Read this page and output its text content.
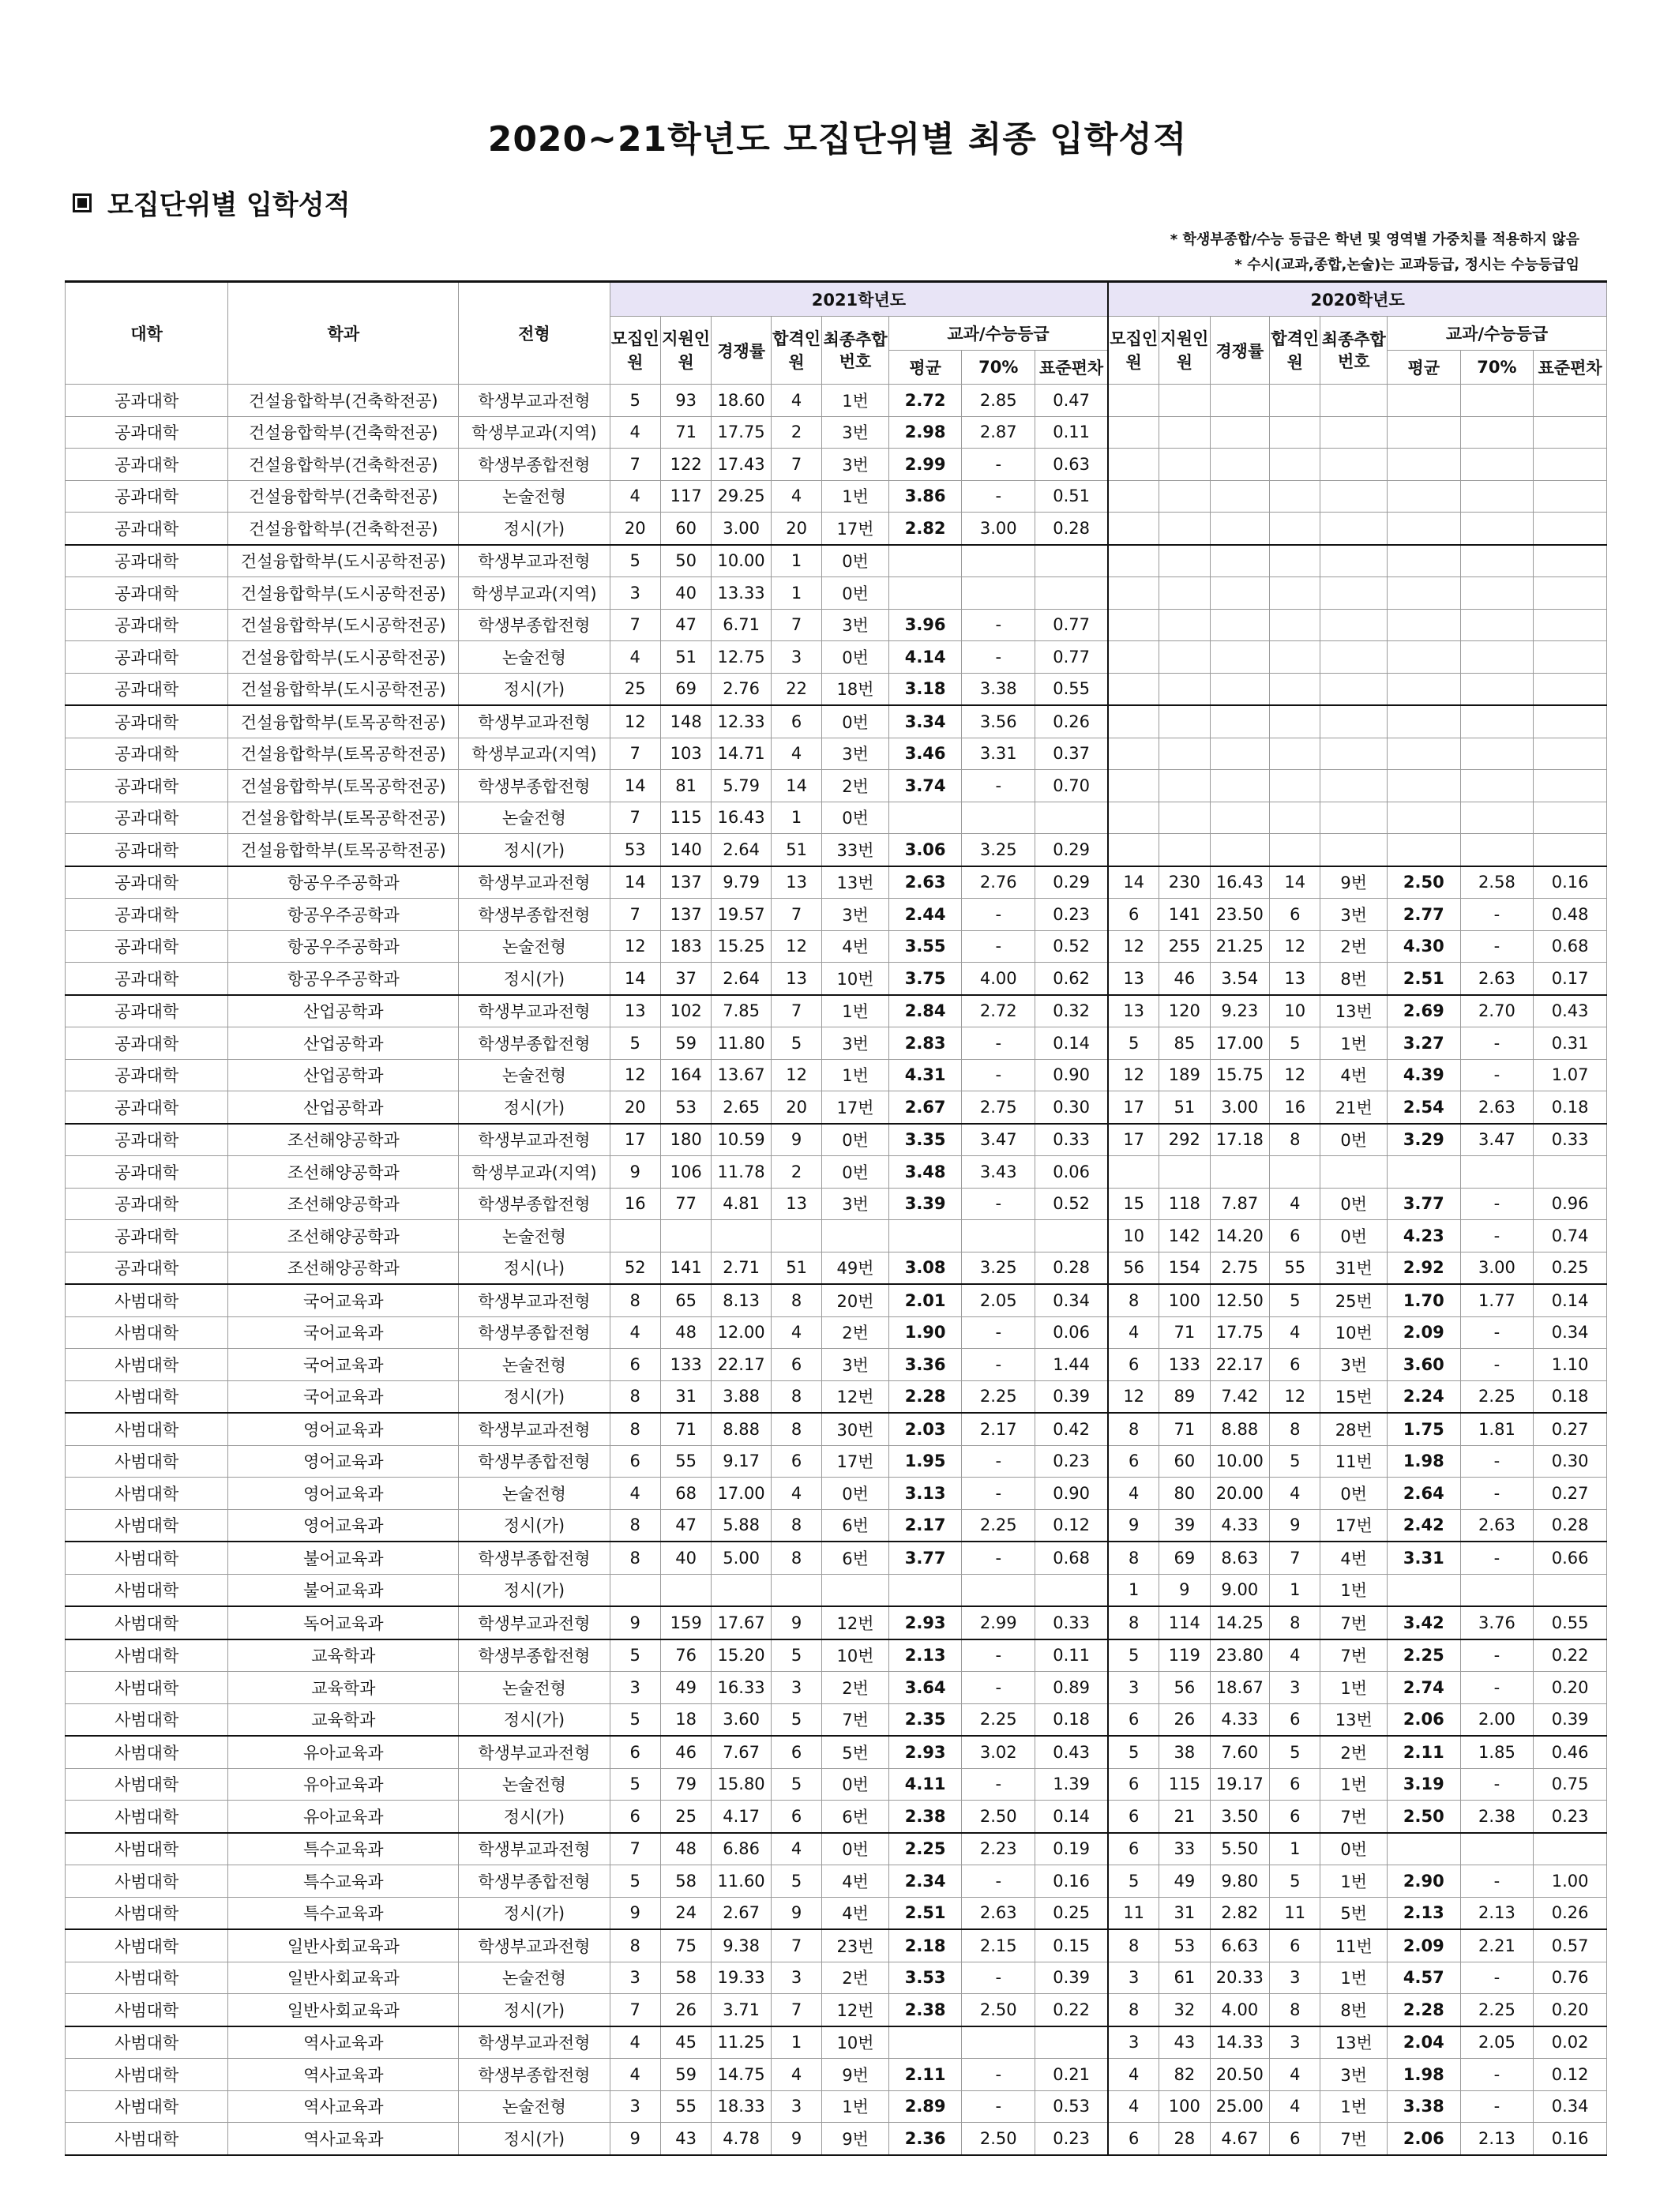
2020~21학년도 모집단위별 최종 입학성적
모집단위별 입학성적
* 학생부종합/수능 등급은 학년 및 영역별 가중치를 적용하지 않음
* 수시(교과,종합,논술)는 교과등급, 정시는 수능등급임
대학	학과	전형	2021학년도								2020학년도							
			모집인원	지원인원	경쟁률	합격인원	최종추합번호	교과/수능등급			모집인원	지원인원	경쟁률	합격인원	최종추합번호	교과/수능등급		
								평균	70%	표준편차						평균	70%	표준편차
공과대학	건설융합학부(건축학전공)	학생부교과전형	5	93	18.60	4	1번	2.72	2.85	0.47								
공과대학	건설융합학부(건축학전공)	학생부교과(지역)	4	71	17.75	2	3번	2.98	2.87	0.11								
공과대학	건설융합학부(건축학전공)	학생부종합전형	7	122	17.43	7	3번	2.99	-	0.63								
공과대학	건설융합학부(건축학전공)	논술전형	4	117	29.25	4	1번	3.86	-	0.51								
공과대학	건설융합학부(건축학전공)	정시(가)	20	60	3.00	20	17번	2.82	3.00	0.28								
공과대학	건설융합학부(도시공학전공)	학생부교과전형	5	50	10.00	1	0번											
공과대학	건설융합학부(도시공학전공)	학생부교과(지역)	3	40	13.33	1	0번											
공과대학	건설융합학부(도시공학전공)	학생부종합전형	7	47	6.71	7	3번	3.96	-	0.77								
공과대학	건설융합학부(도시공학전공)	논술전형	4	51	12.75	3	0번	4.14	-	0.77								
공과대학	건설융합학부(도시공학전공)	정시(가)	25	69	2.76	22	18번	3.18	3.38	0.55								
공과대학	건설융합학부(토목공학전공)	학생부교과전형	12	148	12.33	6	0번	3.34	3.56	0.26								
공과대학	건설융합학부(토목공학전공)	학생부교과(지역)	7	103	14.71	4	3번	3.46	3.31	0.37								
공과대학	건설융합학부(토목공학전공)	학생부종합전형	14	81	5.79	14	2번	3.74	-	0.70								
공과대학	건설융합학부(토목공학전공)	논술전형	7	115	16.43	1	0번											
공과대학	건설융합학부(토목공학전공)	정시(가)	53	140	2.64	51	33번	3.06	3.25	0.29								
공과대학	항공우주공학과	학생부교과전형	14	137	9.79	13	13번	2.63	2.76	0.29	14	230	16.43	14	9번	2.50	2.58	0.16
공과대학	항공우주공학과	학생부종합전형	7	137	19.57	7	3번	2.44	-	0.23	6	141	23.50	6	3번	2.77	-	0.48
공과대학	항공우주공학과	논술전형	12	183	15.25	12	4번	3.55	-	0.52	12	255	21.25	12	2번	4.30	-	0.68
공과대학	항공우주공학과	정시(가)	14	37	2.64	13	10번	3.75	4.00	0.62	13	46	3.54	13	8번	2.51	2.63	0.17
공과대학	산업공학과	학생부교과전형	13	102	7.85	7	1번	2.84	2.72	0.32	13	120	9.23	10	13번	2.69	2.70	0.43
공과대학	산업공학과	학생부종합전형	5	59	11.80	5	3번	2.83	-	0.14	5	85	17.00	5	1번	3.27	-	0.31
공과대학	산업공학과	논술전형	12	164	13.67	12	1번	4.31	-	0.90	12	189	15.75	12	4번	4.39	-	1.07
공과대학	산업공학과	정시(가)	20	53	2.65	20	17번	2.67	2.75	0.30	17	51	3.00	16	21번	2.54	2.63	0.18
공과대학	조선해양공학과	학생부교과전형	17	180	10.59	9	0번	3.35	3.47	0.33	17	292	17.18	8	0번	3.29	3.47	0.33
공과대학	조선해양공학과	학생부교과(지역)	9	106	11.78	2	0번	3.48	3.43	0.06								
공과대학	조선해양공학과	학생부종합전형	16	77	4.81	13	3번	3.39	-	0.52	15	118	7.87	4	0번	3.77	-	0.96
공과대학	조선해양공학과	논술전형									10	142	14.20	6	0번	4.23	-	0.74
공과대학	조선해양공학과	정시(나)	52	141	2.71	51	49번	3.08	3.25	0.28	56	154	2.75	55	31번	2.92	3.00	0.25
사범대학	국어교육과	학생부교과전형	8	65	8.13	8	20번	2.01	2.05	0.34	8	100	12.50	5	25번	1.70	1.77	0.14
사범대학	국어교육과	학생부종합전형	4	48	12.00	4	2번	1.90	-	0.06	4	71	17.75	4	10번	2.09	-	0.34
사범대학	국어교육과	논술전형	6	133	22.17	6	3번	3.36	-	1.44	6	133	22.17	6	3번	3.60	-	1.10
사범대학	국어교육과	정시(가)	8	31	3.88	8	12번	2.28	2.25	0.39	12	89	7.42	12	15번	2.24	2.25	0.18
사범대학	영어교육과	학생부교과전형	8	71	8.88	8	30번	2.03	2.17	0.42	8	71	8.88	8	28번	1.75	1.81	0.27
사범대학	영어교육과	학생부종합전형	6	55	9.17	6	17번	1.95	-	0.23	6	60	10.00	5	11번	1.98	-	0.30
사범대학	영어교육과	논술전형	4	68	17.00	4	0번	3.13	-	0.90	4	80	20.00	4	0번	2.64	-	0.27
사범대학	영어교육과	정시(가)	8	47	5.88	8	6번	2.17	2.25	0.12	9	39	4.33	9	17번	2.42	2.63	0.28
사범대학	불어교육과	학생부종합전형	8	40	5.00	8	6번	3.77	-	0.68	8	69	8.63	7	4번	3.31	-	0.66
사범대학	불어교육과	정시(가)									1	9	9.00	1	1번			
사범대학	독어교육과	학생부교과전형	9	159	17.67	9	12번	2.93	2.99	0.33	8	114	14.25	8	7번	3.42	3.76	0.55
사범대학	교육학과	학생부종합전형	5	76	15.20	5	10번	2.13	-	0.11	5	119	23.80	4	7번	2.25	-	0.22
사범대학	교육학과	논술전형	3	49	16.33	3	2번	3.64	-	0.89	3	56	18.67	3	1번	2.74	-	0.20
사범대학	교육학과	정시(가)	5	18	3.60	5	7번	2.35	2.25	0.18	6	26	4.33	6	13번	2.06	2.00	0.39
사범대학	유아교육과	학생부교과전형	6	46	7.67	6	5번	2.93	3.02	0.43	5	38	7.60	5	2번	2.11	1.85	0.46
사범대학	유아교육과	논술전형	5	79	15.80	5	0번	4.11	-	1.39	6	115	19.17	6	1번	3.19	-	0.75
사범대학	유아교육과	정시(가)	6	25	4.17	6	6번	2.38	2.50	0.14	6	21	3.50	6	7번	2.50	2.38	0.23
사범대학	특수교육과	학생부교과전형	7	48	6.86	4	0번	2.25	2.23	0.19	6	33	5.50	1	0번			
사범대학	특수교육과	학생부종합전형	5	58	11.60	5	4번	2.34	-	0.16	5	49	9.80	5	1번	2.90	-	1.00
사범대학	특수교육과	정시(가)	9	24	2.67	9	4번	2.51	2.63	0.25	11	31	2.82	11	5번	2.13	2.13	0.26
사범대학	일반사회교육과	학생부교과전형	8	75	9.38	7	23번	2.18	2.15	0.15	8	53	6.63	6	11번	2.09	2.21	0.57
사범대학	일반사회교육과	논술전형	3	58	19.33	3	2번	3.53	-	0.39	3	61	20.33	3	1번	4.57	-	0.76
사범대학	일반사회교육과	정시(가)	7	26	3.71	7	12번	2.38	2.50	0.22	8	32	4.00	8	8번	2.28	2.25	0.20
사범대학	역사교육과	학생부교과전형	4	45	11.25	1	10번				3	43	14.33	3	13번	2.04	2.05	0.02
사범대학	역사교육과	학생부종합전형	4	59	14.75	4	9번	2.11	-	0.21	4	82	20.50	4	3번	1.98	-	0.12
사범대학	역사교육과	논술전형	3	55	18.33	3	1번	2.89	-	0.53	4	100	25.00	4	1번	3.38	-	0.34
사범대학	역사교육과	정시(가)	9	43	4.78	9	9번	2.36	2.50	0.23	6	28	4.67	6	7번	2.06	2.13	0.16
